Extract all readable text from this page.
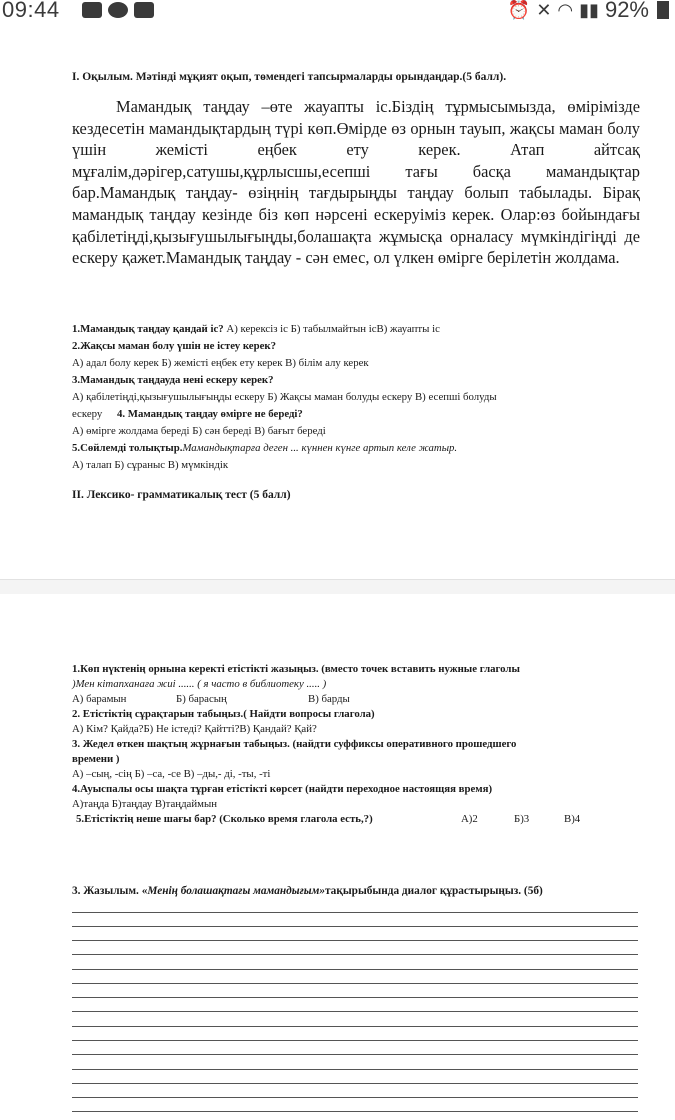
09:44	⏰ ✕ ◠ ▮▮ 92%
I. Оқылым. Мәтінді мұқият оқып, төмендегі тапсырмаларды орындаңдар.(5 балл).

Мамандық таңдау –өте жауапты іс.Біздің тұрмысымызда, өмірімізде кездесетін мамандықтардың түрі көп.Өмірде өз орнын тауып, жақсы маман болу үшін жемісті еңбек ету керек. Атап айтсақ мұғалім,дәрігер,сатушы,құрлысшы,есепші тағы басқа мамандықтар бар.Мамандық таңдау- өзіңнің тағдырыңды таңдау болып табылады. Бірақ мамандық таңдау кезінде біз көп нәрсені ескеруіміз керек. Олар:өз бойындағы қабілетіңді,қызығушылығыңды,болашақта жұмысқа орналасу мүмкіндігіңді де ескеру қажет.Мамандық таңдау - сән емес, ол үлкен өмірге берілетін жолдама.

1.Мамандық таңдау қандай іс? А) керексіз іс Б) табылмайтын ісВ) жауапты іс
2.Жақсы маман болу үшін не істеу керек?
А) адал болу керек Б) жемісті еңбек ету керек В) білім алу керек
3.Мамандық таңдауда нені ескеру керек?
А) қабілетіңді,қызығушылығыңды ескеру Б) Жақсы маман болуды ескеру В) есепші болуды
ескеру 4. Мамандық таңдау өмірге не береді?
А) өмірге жолдама береді Б) сән береді В) бағыт береді
5.Сөйлемді толықтыр.Мамандықтарға деген ... күннен күнге артып келе жатыр.
А) талап Б) сұраныс В) мүмкіндік
II. Лексико- грамматикалық тест (5 балл)
1.Көп нүктенің орнына керекті етістікті жазыңыз. (вместо точек вставить нужные глаголы
)Мен кітапханаға жиі ...... ( я часто в библиотеку ..... )
А) барамын	Б) барасың	В) барды
2. Етістіктің сұрақтарын табыңыз.( Найдти вопросы глагола)
А) Кім? Қайда?Б) Не істеді? Қайтті?В) Қандай? Қай?
3. Жедел өткен шақтың жұрнағын табыңыз. (найдти суффиксы оперативного прошедшего
времени )
А) –сың, -сің Б) –са, -се В) –ды,- ді, -ты, -ті
4.Ауыспалы осы шақта тұрған етістікті көрсет (найдти переходное настоящяя время)
А)таңда Б)таңдау В)таңдаймын
5.Етістіктің неше шағы бар? (Сколько время глагола есть,?)	А)2	Б)3	В)4
3. Жазылым. «Менің болашақтағы мамандығым»тақырыбында диалог құрастырыңыз. (5б)
